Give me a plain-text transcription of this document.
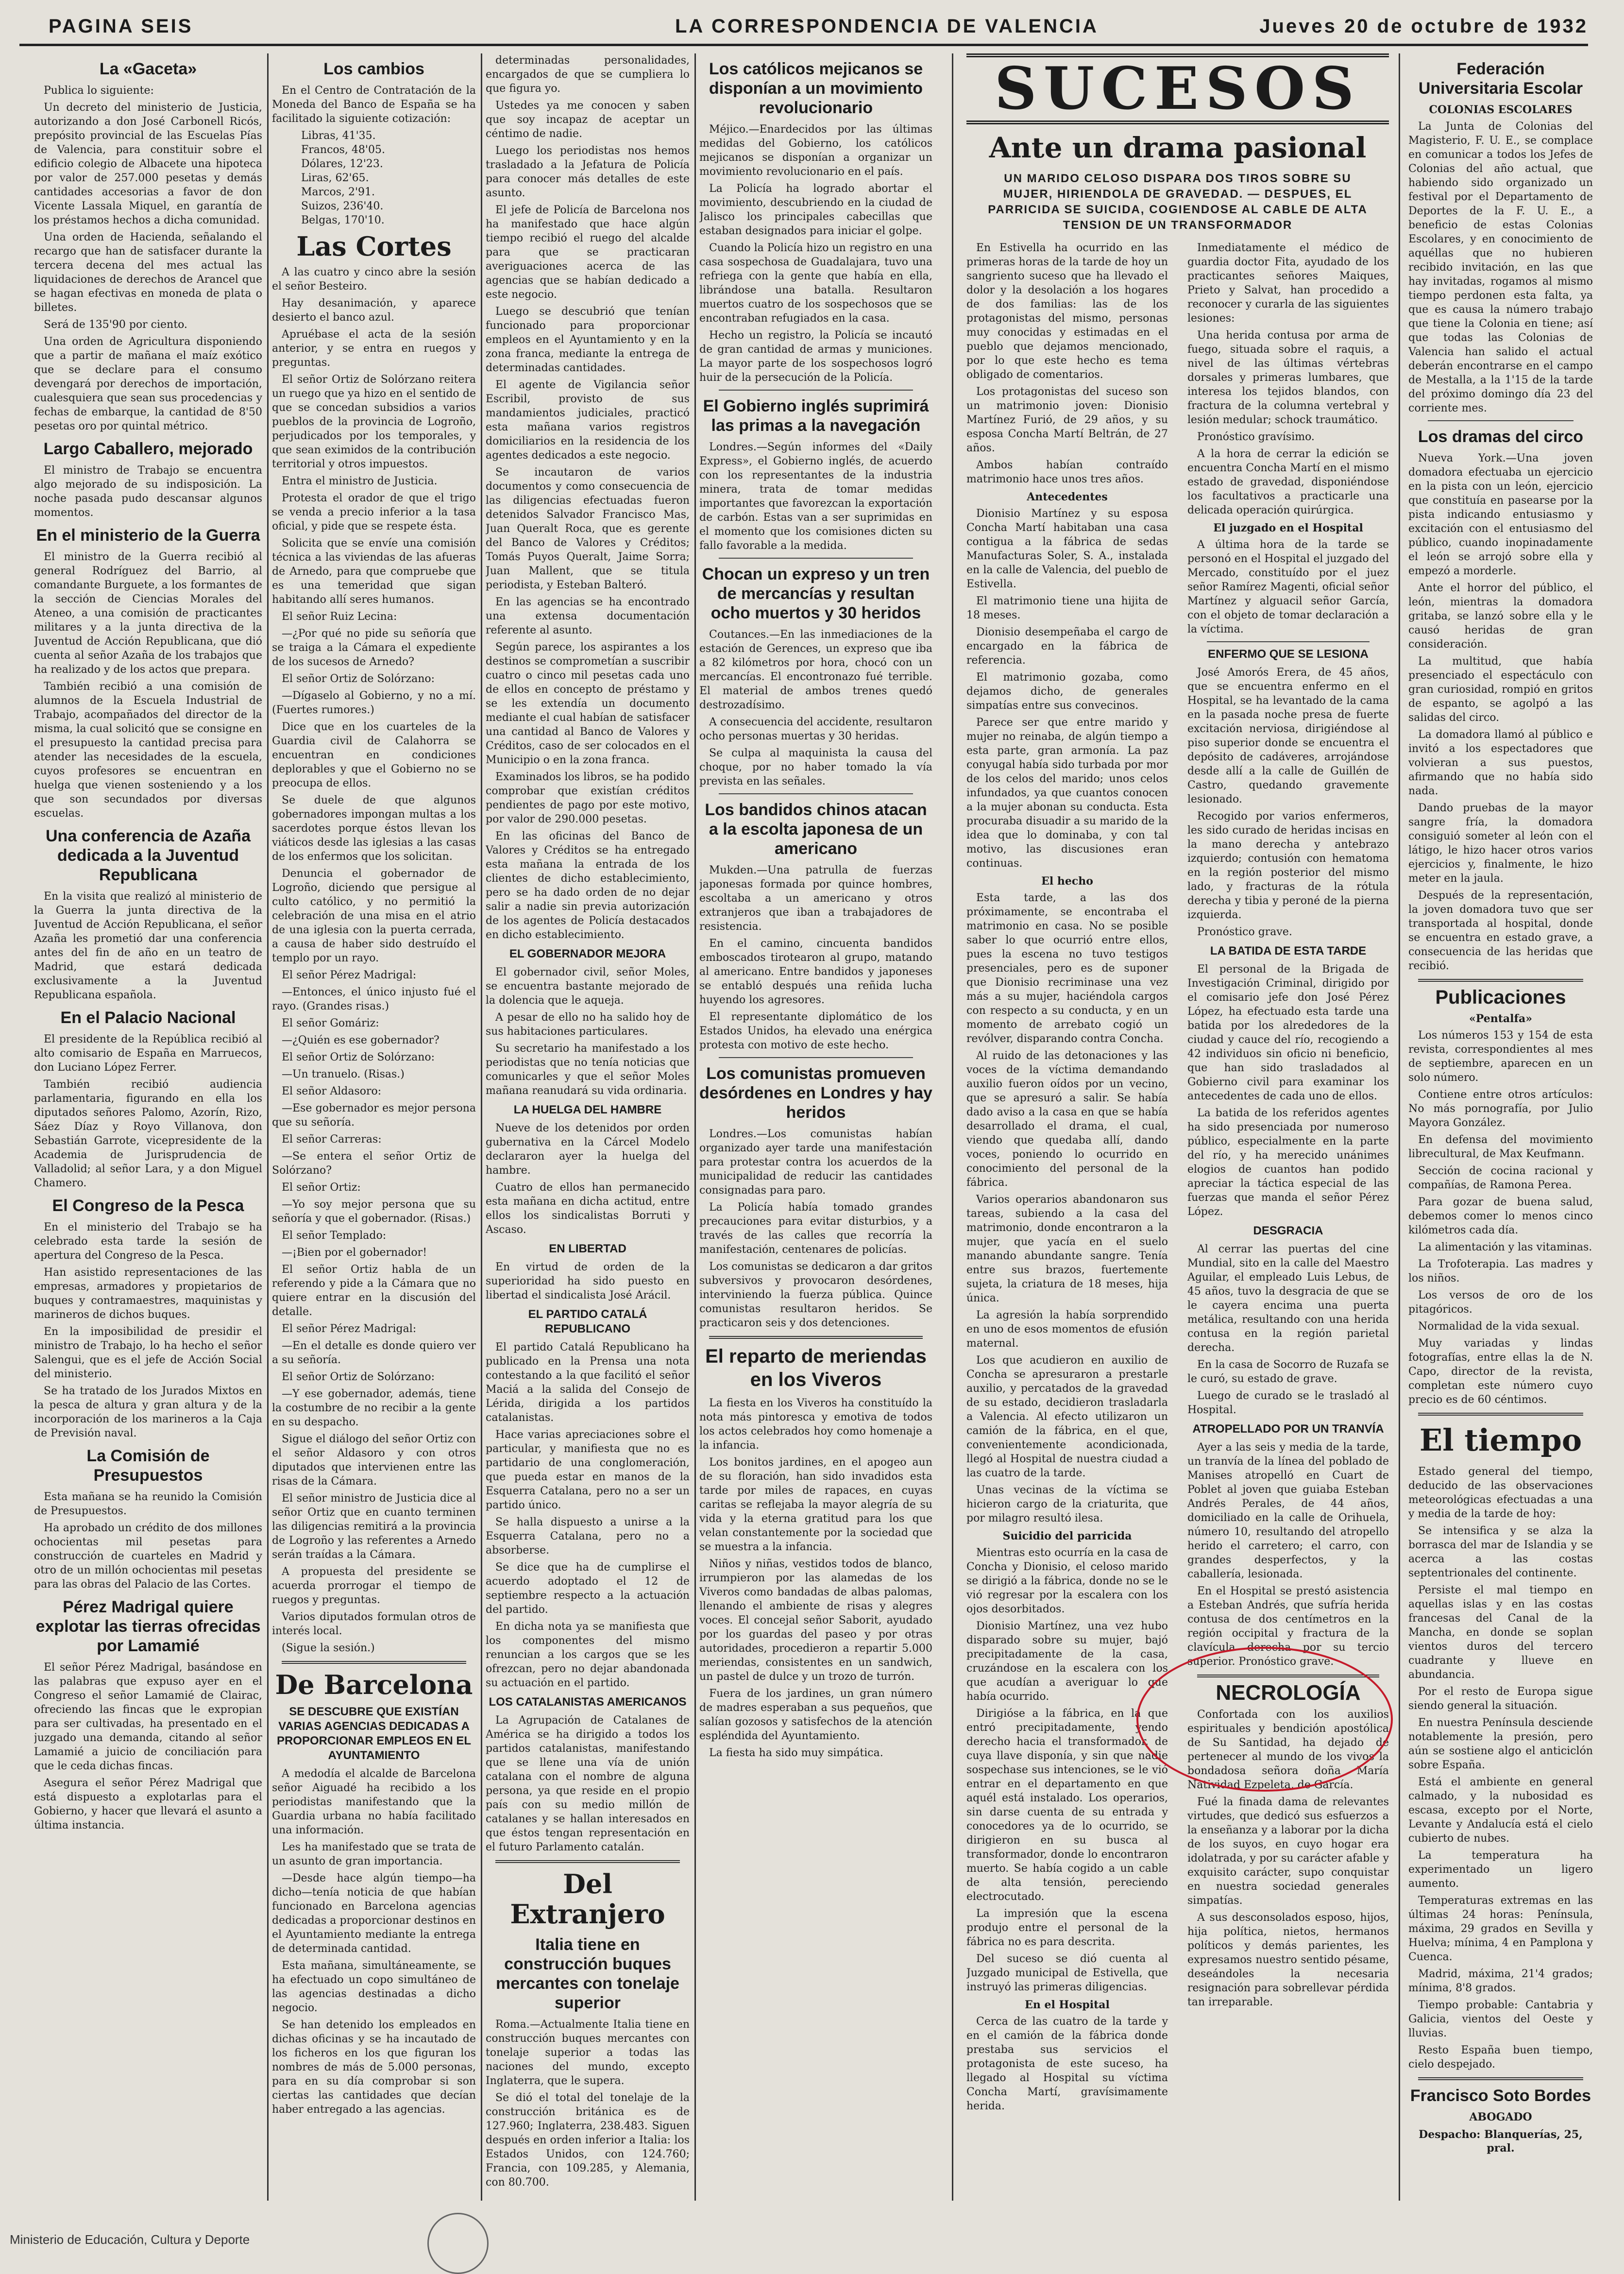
PAGINA SEIS	LA CORRESPONDENCIA DE VALENCIA	Jueves 20 de octubre de 1932
La «Gaceta»

Publica lo siguiente:

Un decreto del ministerio de Justicia, autorizando a don José Carbonell Ricós, prepósito provincial de las Escuelas Pías de Valencia, para constituir sobre el edificio colegio de Albacete una hipoteca por valor de 257.000 pesetas y demás cantidades accesorias a favor de don Vicente Lassala Miquel, en garantía de los préstamos hechos a dicha comunidad.

Una orden de Hacienda, señalando el recargo que han de satisfacer durante la tercera decena del mes actual las liquidaciones de derechos de Arancel que se hagan efectivas en moneda de plata o billetes.

Será de 135'90 por ciento.

Una orden de Agricultura disponiendo que a partir de mañana el maíz exótico que se declare para el consumo devengará por derechos de importación, cualesquiera que sean sus procedencias y fechas de embarque, la cantidad de 8'50 pesetas oro por quintal métrico.

Largo Caballero, mejorado

El ministro de Trabajo se encuentra algo mejorado de su indisposición. La noche pasada pudo descansar algunos momentos.

En el ministerio de la Guerra

El ministro de la Guerra recibió al general Rodríguez del Barrio, al comandante Burguete, a los formantes de la sección de Ciencias Morales del Ateneo, a una comisión de practicantes militares y a la junta directiva de la Juventud de Acción Republicana, que dió cuenta al señor Azaña de los trabajos que ha realizado y de los actos que prepara.

También recibió a una comisión de alumnos de la Escuela Industrial de Trabajo, acompañados del director de la misma, la cual solicitó que se consigne en el presupuesto la cantidad precisa para atender las necesidades de la escuela, cuyos profesores se encuentran en huelga que vienen sosteniendo y a los que son secundados por diversas escuelas.

Una conferencia de Azaña dedicada a la Juventud Republicana

En la visita que realizó al ministerio de la Guerra la junta directiva de la Juventud de Acción Republicana, el señor Azaña les prometió dar una conferencia antes del fin de año en un teatro de Madrid, que estará dedicada exclusivamente a la Juventud Republicana española.

En el Palacio Nacional

El presidente de la República recibió al alto comisario de España en Marruecos, don Luciano López Ferrer.

También recibió audiencia parlamentaria, figurando en ella los diputados señores Palomo, Azorín, Rizo, Sáez Díaz y Royo Villanova, don Sebastián Garrote, vicepresidente de la Academia de Jurisprudencia de Valladolid; al señor Lara, y a don Miguel Chamero.

El Congreso de la Pesca

En el ministerio del Trabajo se ha celebrado esta tarde la sesión de apertura del Congreso de la Pesca.

Han asistido representaciones de las empresas, armadores y propietarios de buques y contramaestres, maquinistas y marineros de dichos buques.

En la imposibilidad de presidir el ministro de Trabajo, lo ha hecho el señor Salengui, que es el jefe de Acción Social del ministerio.

Se ha tratado de los Jurados Mixtos en la pesca de altura y gran altura y de la incorporación de los marineros a la Caja de Previsión naval.

La Comisión de Presupuestos

Esta mañana se ha reunido la Comisión de Presupuestos.

Ha aprobado un crédito de dos millones ochocientas mil pesetas para construcción de cuarteles en Madrid y otro de un millón ochocientas mil pesetas para las obras del Palacio de las Cortes.

Pérez Madrigal quiere explotar las tierras ofrecidas por Lamamié

El señor Pérez Madrigal, basándose en las palabras que expuso ayer en el Congreso el señor Lamamié de Clairac, ofreciendo las fincas que le expropian para ser cultivadas, ha presentado en el juzgado una demanda, citando al señor Lamamié a juicio de conciliación para que le ceda dichas fincas.

Asegura el señor Pérez Madrigal que está dispuesto a explotarlas para el Gobierno, y hacer que llevará el asunto a última instancia.

Los cambios

En el Centro de Contratación de la Moneda del Banco de España se ha facilitado la siguiente cotización:

Libras, 41'35.
Francos, 48'05.
Dólares, 12'23.
Liras, 62'65.
Marcos, 2'91.
Suizos, 236'40.
Belgas, 170'10.
Las Cortes

A las cuatro y cinco abre la sesión el señor Besteiro.

Hay desanimación, y aparece desierto el banco azul.

Apruébase el acta de la sesión anterior, y se entra en ruegos y preguntas.

El señor Ortiz de Solórzano reitera un ruego que ya hizo en el sentido de que se concedan subsidios a varios pueblos de la provincia de Logroño, perjudicados por los temporales, y que sean eximidos de la contribución territorial y otros impuestos.

Entra el ministro de Justicia.

Protesta el orador de que el trigo se venda a precio inferior a la tasa oficial, y pide que se respete ésta.

Solicita que se envíe una comisión técnica a las viviendas de las afueras de Arnedo, para que compruebe que es una temeridad que sigan habitando allí seres humanos.

El señor Ruiz Lecina:

—¿Por qué no pide su señoría que se traiga a la Cámara el expediente de los sucesos de Arnedo?

El señor Ortiz de Solórzano:

—Dígaselo al Gobierno, y no a mí. (Fuertes rumores.)

Dice que en los cuarteles de la Guardia civil de Calahorra se encuentran en condiciones deplorables y que el Gobierno no se preocupa de ellos.

Se duele de que algunos gobernadores impongan multas a los sacerdotes porque éstos llevan los viáticos desde las iglesias a las casas de los enfermos que los solicitan.

Denuncia el gobernador de Logroño, diciendo que persigue al culto católico, y no permitió la celebración de una misa en el atrio de una iglesia con la puerta cerrada, a causa de haber sido destruído el templo por un rayo.

El señor Pérez Madrigal:

—Entonces, el único injusto fué el rayo. (Grandes risas.)

El señor Gomáriz:

—¿Quién es ese gobernador?

El señor Ortiz de Solórzano:

—Un tranuelo. (Risas.)

El señor Aldasoro:

—Ese gobernador es mejor persona que su señoría.

El señor Carreras:

—Se entera el señor Ortiz de Solórzano?

El señor Ortiz:

—Yo soy mejor persona que su señoría y que el gobernador. (Risas.)

El señor Templado:

—¡Bien por el gobernador!

El señor Ortiz habla de un referendo y pide a la Cámara que no quiere entrar en la discusión del detalle.

El señor Pérez Madrigal:

—En el detalle es donde quiero ver a su señoría.

El señor Ortiz de Solórzano:

—Y ese gobernador, además, tiene la costumbre de no recibir a la gente en su despacho.

Sigue el diálogo del señor Ortiz con el señor Aldasoro y con otros diputados que intervienen entre las risas de la Cámara.

El señor ministro de Justicia dice al señor Ortiz que en cuanto terminen las diligencias remitirá a la provincia de Logroño y las referentes a Arnedo serán traídas a la Cámara.

A propuesta del presidente se acuerda prorrogar el tiempo de ruegos y preguntas.

Varios diputados formulan otros de interés local.

(Sigue la sesión.)

De Barcelona
SE DESCUBRE QUE EXISTÍAN VARIAS AGENCIAS DEDICADAS A PROPORCIONAR EMPLEOS EN EL AYUNTAMIENTO

A medodía el alcalde de Barcelona señor Aiguadé ha recibido a los periodistas manifestando que la Guardia urbana no había facilitado una información.

Les ha manifestado que se trata de un asunto de gran importancia.

—Desde hace algún tiempo—ha dicho—tenía noticia de que habían funcionado en Barcelona agencias dedicadas a proporcionar destinos en el Ayuntamiento mediante la entrega de determinada cantidad.

Esta mañana, simultáneamente, se ha efectuado un copo simultáneo de las agencias destinadas a dicho negocio.

Se han detenido los empleados en dichas oficinas y se ha incautado de los ficheros en los que figuran los nombres de más de 5.000 personas, para en su día comprobar si son ciertas las cantidades que decían haber entregado a las agencias.

determinadas personalidades, encargados de que se cumpliera lo que figura yo.

Ustedes ya me conocen y saben que soy incapaz de aceptar un céntimo de nadie.

Luego los periodistas nos hemos trasladado a la Jefatura de Policía para conocer más detalles de este asunto.

El jefe de Policía de Barcelona nos ha manifestado que hace algún tiempo recibió el ruego del alcalde para que se practicaran averiguaciones acerca de las agencias que se habían dedicado a este negocio.

Luego se descubrió que tenían funcionado para proporcionar empleos en el Ayuntamiento y en la zona franca, mediante la entrega de determinadas cantidades.

El agente de Vigilancia señor Escribil, provisto de sus mandamientos judiciales, practicó esta mañana varios registros domiciliarios en la residencia de los agentes dedicados a este negocio.

Se incautaron de varios documentos y como consecuencia de las diligencias efectuadas fueron detenidos Salvador Francisco Mas, Juan Queralt Roca, que es gerente del Banco de Valores y Créditos; Tomás Puyos Queralt, Jaime Sorra; Juan Mallent, que se titula periodista, y Esteban Balteró.

En las agencias se ha encontrado una extensa documentación referente al asunto.

Según parece, los aspirantes a los destinos se comprometían a suscribir cuatro o cinco mil pesetas cada uno de ellos en concepto de préstamo y se les extendía un documento mediante el cual habían de satisfacer una cantidad al Banco de Valores y Créditos, caso de ser colocados en el Municipio o en la zona franca.

Examinados los libros, se ha podido comprobar que existían créditos pendientes de pago por este motivo, por valor de 290.000 pesetas.

En las oficinas del Banco de Valores y Créditos se ha entregado esta mañana la entrada de los clientes de dicho establecimiento, pero se ha dado orden de no dejar salir a nadie sin previa autorización de los agentes de Policía destacados en dicho establecimiento.

EL GOBERNADOR MEJORA

El gobernador civil, señor Moles, se encuentra bastante mejorado de la dolencia que le aqueja.

A pesar de ello no ha salido hoy de sus habitaciones particulares.

Su secretario ha manifestado a los periodistas que no tenía noticias que comunicarles y que el señor Moles mañana reanudará su vida ordinaria.

LA HUELGA DEL HAMBRE

Nueve de los detenidos por orden gubernativa en la Cárcel Modelo declararon ayer la huelga del hambre.

Cuatro de ellos han permanecido esta mañana en dicha actitud, entre ellos los sindicalistas Borruti y Ascaso.

EN LIBERTAD

En virtud de orden de la superioridad ha sido puesto en libertad el sindicalista José Arácil.

EL PARTIDO CATALÁ REPUBLICANO

El partido Catalá Republicano ha publicado en la Prensa una nota contestando a la que facilitó el señor Maciá a la salida del Consejo de Lérida, dirigida a los partidos catalanistas.

Hace varias apreciaciones sobre el particular, y manifiesta que no es partidario de una conglomeración, que pueda estar en manos de la Esquerra Catalana, pero no a ser un partido único.

Se halla dispuesto a unirse a la Esquerra Catalana, pero no a absorberse.

Se dice que ha de cumplirse el acuerdo adoptado el 12 de septiembre respecto a la actuación del partido.

En dicha nota ya se manifiesta que los componentes del mismo renuncian a los cargos que se les ofrezcan, pero no dejar abandonada su actuación en el partido.

LOS CATALANISTAS AMERICANOS

La Agrupación de Catalanes de América se ha dirigido a todos los partidos catalanistas, manifestando que se llene una vía de unión catalana con el nombre de alguna persona, ya que reside en el propio país con su medio millón de catalanes y se hallan interesados en que éstos tengan representación en el futuro Parlamento catalán.

Del Extranjero
Italia tiene en construcción buques mercantes con tonelaje superior

Roma.—Actualmente Italia tiene en construcción buques mercantes con tonelaje superior a todas las naciones del mundo, excepto Inglaterra, que le supera.

Se dió el total del tonelaje de la construcción británica es de 127.960; Inglaterra, 238.483. Siguen después en orden inferior a Italia: los Estados Unidos, con 124.760; Francia, con 109.285, y Alemania, con 80.700.

Los católicos mejicanos se disponían a un movimiento revolucionario

Méjico.—Enardecidos por las últimas medidas del Gobierno, los católicos mejicanos se disponían a organizar un movimiento revolucionario en el país.

La Policía ha logrado abortar el movimiento, descubriendo en la ciudad de Jalisco los principales cabecillas que estaban designados para iniciar el golpe.

Cuando la Policía hizo un registro en una casa sospechosa de Guadalajara, tuvo una refriega con la gente que había en ella, librándose una batalla. Resultaron muertos cuatro de los sospechosos que se encontraban refugiados en la casa.

Hecho un registro, la Policía se incautó de gran cantidad de armas y municiones. La mayor parte de los sospechosos logró huir de la persecución de la Policía.

El Gobierno inglés suprimirá las primas a la navegación

Londres.—Según informes del «Daily Express», el Gobierno inglés, de acuerdo con los representantes de la industria minera, trata de tomar medidas importantes que favorezcan la exportación de carbón. Estas van a ser suprimidas en el momento que los comisiones dicten su fallo favorable a la medida.

Chocan un expreso y un tren de mercancías y resultan ocho muertos y 30 heridos

Coutances.—En las inmediaciones de la estación de Gerences, un expreso que iba a 82 kilómetros por hora, chocó con un mercancías. El encontronazo fué terrible. El material de ambos trenes quedó destrozadísimo.

A consecuencia del accidente, resultaron ocho personas muertas y 30 heridas.

Se culpa al maquinista la causa del choque, por no haber tomado la vía prevista en las señales.

Los bandidos chinos atacan a la escolta japonesa de un americano

Mukden.—Una patrulla de fuerzas japonesas formada por quince hombres, escoltaba a un americano y otros extranjeros que iban a trabajadores de resistencia.

En el camino, cincuenta bandidos emboscados tirotearon al grupo, matando al americano. Entre bandidos y japoneses se entabló después una reñida lucha huyendo los agresores.

El representante diplomático de los Estados Unidos, ha elevado una enérgica protesta con motivo de este hecho.

Los comunistas promueven desórdenes en Londres y hay heridos

Londres.—Los comunistas habían organizado ayer tarde una manifestación para protestar contra los acuerdos de la municipalidad de reducir las cantidades consignadas para paro.

La Policía había tomado grandes precauciones para evitar disturbios, y a través de las calles que recorría la manifestación, centenares de policías.

Los comunistas se dedicaron a dar gritos subversivos y provocaron desórdenes, interviniendo la fuerza pública. Quince comunistas resultaron heridos. Se practicaron seis y dos detenciones.

El reparto de meriendas en los Viveros

La fiesta en los Viveros ha constituído la nota más pintoresca y emotiva de todos los actos celebrados hoy como homenaje a la infancia.

Los bonitos jardines, en el apogeo aun de su floración, han sido invadidos esta tarde por miles de rapaces, en cuyas caritas se reflejaba la mayor alegría de su vida y la eterna gratitud para los que velan constantemente por la sociedad que se muestra a la infancia.

Niños y niñas, vestidos todos de blanco, irrumpieron por las alamedas de los Viveros como bandadas de albas palomas, llenando el ambiente de risas y alegres voces. El concejal señor Saborit, ayudado por los guardas del paseo y por otras autoridades, procedieron a repartir 5.000 meriendas, consistentes en un sandwich, un pastel de dulce y un trozo de turrón.

Fuera de los jardines, un gran número de madres esperaban a sus pequeños, que salían gozosos y satisfechos de la atención espléndida del Ayuntamiento.

La fiesta ha sido muy simpática.

SUCESOS
Ante un drama pasional
UN MARIDO CELOSO DISPARA DOS TIROS SOBRE SU MUJER, HIRIENDOLA DE GRAVEDAD. — DESPUES, EL PARRICIDA SE SUICIDA, COGIENDOSE AL CABLE DE ALTA TENSION DE UN TRANSFORMADOR

En Estivella ha ocurrido en las primeras horas de la tarde de hoy un sangriento suceso que ha llevado el dolor y la desolación a los hogares de dos familias: las de los protagonistas del mismo, personas muy conocidas y estimadas en el pueblo que dejamos mencionado, por lo que este hecho es tema obligado de comentarios.

Los protagonistas del suceso son un matrimonio joven: Dionisio Martínez Furió, de 29 años, y su esposa Concha Martí Beltrán, de 27 años.

Ambos habían contraído matrimonio hace unos tres años.

Antecedentes

Dionisio Martínez y su esposa Concha Martí habitaban una casa contigua a la fábrica de sedas Manufacturas Soler, S. A., instalada en la calle de Valencia, del pueblo de Estivella.

El matrimonio tiene una hijita de 18 meses.

Dionisio desempeñaba el cargo de encargado en la fábrica de referencia.

El matrimonio gozaba, como dejamos dicho, de generales simpatías entre sus convecinos.

Parece ser que entre marido y mujer no reinaba, de algún tiempo a esta parte, gran armonía. La paz conyugal había sido turbada por mor de los celos del marido; unos celos infundados, ya que cuantos conocen a la mujer abonan su conducta. Esta procuraba disuadir a su marido de la idea que lo dominaba, y con tal motivo, las discusiones eran continuas.

El hecho

Esta tarde, a las dos próximamente, se encontraba el matrimonio en casa. No se posible saber lo que ocurrió entre ellos, pues la escena no tuvo testigos presenciales, pero es de suponer que Dionisio recriminase una vez más a su mujer, haciéndola cargos con respecto a su conducta, y en un momento de arrebato cogió un revólver, disparando contra Concha.

Al ruido de las detonaciones y las voces de la víctima demandando auxilio fueron oídos por un vecino, que se apresuró a salir. Se había dado aviso a la casa en que se había desarrollado el drama, el cual, viendo que quedaba allí, dando voces, poniendo lo ocurrido en conocimiento del personal de la fábrica.

Varios operarios abandonaron sus tareas, subiendo a la casa del matrimonio, donde encontraron a la mujer, que yacía en el suelo manando abundante sangre. Tenía entre sus brazos, fuertemente sujeta, la criatura de 18 meses, hija única.

La agresión la había sorprendido en uno de esos momentos de efusión maternal.

Los que acudieron en auxilio de Concha se apresuraron a prestarle auxilio, y percatados de la gravedad de su estado, decidieron trasladarla a Valencia. Al efecto utilizaron un camión de la fábrica, en el que, convenientemente acondicionada, llegó al Hospital de nuestra ciudad a las cuatro de la tarde.

Unas vecinas de la víctima se hicieron cargo de la criaturita, que por milagro resultó ilesa.

Suicidio del parricida

Mientras esto ocurría en la casa de Concha y Dionisio, el celoso marido se dirigió a la fábrica, donde no se le vió regresar por la escalera con los ojos desorbitados.

Dionisio Martínez, una vez hubo disparado sobre su mujer, bajó precipitadamente de la casa, cruzándose en la escalera con los que acudían a averiguar lo que había ocurrido.

Dirigióse a la fábrica, en la que entró precipitadamente, yendo derecho hacia el transformador, de cuya llave disponía, y sin que nadie sospechase sus intenciones, se le vió entrar en el departamento en que aquél está instalado. Los operarios, sin darse cuenta de su entrada y conocedores ya de lo ocurrido, se dirigieron en su busca al transformador, donde lo encontraron muerto. Se había cogido a un cable de alta tensión, pereciendo electrocutado.

La impresión que la escena produjo entre el personal de la fábrica no es para descrita.

Del suceso se dió cuenta al Juzgado municipal de Estivella, que instruyó las primeras diligencias.

En el Hospital

Cerca de las cuatro de la tarde y en el camión de la fábrica donde prestaba sus servicios el protagonista de este suceso, ha llegado al Hospital su víctima Concha Martí, gravísimamente herida.

Inmediatamente el médico de guardia doctor Fita, ayudado de los practicantes señores Maiques, Prieto y Salvat, han procedido a reconocer y curarla de las siguientes lesiones:

Una herida contusa por arma de fuego, situada sobre el raquis, a nivel de las últimas vértebras dorsales y primeras lumbares, que interesa los tejidos blandos, con fractura de la columna vertebral y lesión medular; schock traumático.

Pronóstico gravísimo.

A la hora de cerrar la edición se encuentra Concha Martí en el mismo estado de gravedad, disponiéndose los facultativos a practicarle una delicada operación quirúrgica.

El juzgado en el Hospital

A última hora de la tarde se personó en el Hospital el juzgado del Mercado, constituído por el juez señor Ramírez Magenti, oficial señor Martínez y alguacil señor García, con el objeto de tomar declaración a la víctima.

ENFERMO QUE SE LESIONA

José Amorós Erera, de 45 años, que se encuentra enfermo en el Hospital, se ha levantado de la cama en la pasada noche presa de fuerte excitación nerviosa, dirigiéndose al piso superior donde se encuentra el depósito de cadáveres, arrojándose desde allí a la calle de Guillén de Castro, quedando gravemente lesionado.

Recogido por varios enfermeros, les sido curado de heridas incisas en la mano derecha y antebrazo izquierdo; contusión con hematoma en la región posterior del mismo lado, y fracturas de la rótula derecha y tibia y peroné de la pierna izquierda.

Pronóstico grave.

LA BATIDA DE ESTA TARDE

El personal de la Brigada de Investigación Criminal, dirigido por el comisario jefe don José Pérez López, ha efectuado esta tarde una batida por los alrededores de la ciudad y cauce del río, recogiendo a 42 individuos sin oficio ni beneficio, que han sido trasladados al Gobierno civil para examinar los antecedentes de cada uno de ellos.

La batida de los referidos agentes ha sido presenciada por numeroso público, especialmente en la parte del río, y ha merecido unánimes elogios de cuantos han podido apreciar la táctica especial de las fuerzas que manda el señor Pérez López.

DESGRACIA

Al cerrar las puertas del cine Mundial, sito en la calle del Maestro Aguilar, el empleado Luis Lebus, de 45 años, tuvo la desgracia de que se le cayera encima una puerta metálica, resultando con una herida contusa en la región parietal derecha.

En la casa de Socorro de Ruzafa se le curó, su estado de grave.

Luego de curado se le trasladó al Hospital.

ATROPELLADO POR UN TRANVÍA

Ayer a las seis y media de la tarde, un tranvía de la línea del poblado de Manises atropelló en Cuart de Poblet al joven que guiaba Esteban Andrés Perales, de 44 años, domiciliado en la calle de Orihuela, número 10, resultando del atropello herido el carretero; el carro, con grandes desperfectos, y la caballería, lesionada.

En el Hospital se prestó asistencia a Esteban Andrés, que sufría herida contusa de dos centímetros en la región occipital y fractura de la clavícula derecha por su tercio superior. Pronóstico grave.

NECROLOGÍA

Confortada con los auxilios espirituales y bendición apostólica de Su Santidad, ha dejado de pertenecer al mundo de los vivos la bondadosa señora doña María Natividad Ezpeleta, de García.

Fué la finada dama de relevantes virtudes, que dedicó sus esfuerzos a la enseñanza y a laborar por la dicha de los suyos, en cuyo hogar era idolatrada, y por su carácter afable y exquisito carácter, supo conquistar en nuestra sociedad generales simpatías.

A sus desconsolados esposo, hijos, hija política, nietos, hermanos políticos y demás parientes, les expresamos nuestro sentido pésame, deseándoles la necesaria resignación para sobrellevar pérdida tan irreparable.

Federación Universitaria Escolar
COLONIAS ESCOLARES

La Junta de Colonias del Magisterio, F. U. E., se complace en comunicar a todos los Jefes de Colonias del año actual, que habiendo sido organizado un festival por el Departamento de Deportes de la F. U. E., a beneficio de estas Colonias Escolares, y en conocimiento de aquéllas que no hubieren recibido invitación, en las que hay invitadas, rogamos al mismo tiempo perdonen esta falta, ya que es causa la número trabajo que tiene la Colonia en tiene; así que todas las Colonias de Valencia han salido el actual deberán encontrarse en el campo de Mestalla, a la 1'15 de la tarde del próximo domingo día 23 del corriente mes.

Los dramas del circo

Nueva York.—Una joven domadora efectuaba un ejercicio en la pista con un león, ejercicio que constituía en pasearse por la pista indicando entusiasmo y excitación con el entusiasmo del público, cuando inopinadamente el león se arrojó sobre ella y empezó a morderle.

Ante el horror del público, el león, mientras la domadora gritaba, se lanzó sobre ella y le causó heridas de gran consideración.

La multitud, que había presenciado el espectáculo con gran curiosidad, rompió en gritos de espanto, se agolpó a las salidas del circo.

La domadora llamó al público e invitó a los espectadores que volvieran a sus puestos, afirmando que no había sido nada.

Dando pruebas de la mayor sangre fría, la domadora consiguió someter al león con el látigo, le hizo hacer otros varios ejercicios y, finalmente, le hizo meter en la jaula.

Después de la representación, la joven domadora tuvo que ser transportada al hospital, donde se encuentra en estado grave, a consecuencia de las heridas que recibió.

Publicaciones
«Pentalfa»

Los números 153 y 154 de esta revista, correspondientes al mes de septiembre, aparecen en un solo número.

Contiene entre otros artículos: No más pornografía, por Julio Mayora González.

En defensa del movimiento librecultural, de Max Keufmann.

Sección de cocina racional y compañías, de Ramona Perea.

Para gozar de buena salud, debemos comer lo menos cinco kilómetros cada día.

La alimentación y las vitaminas.

La Trofoterapia. Las madres y los niños.

Los versos de oro de los pitagóricos.

Normalidad de la vida sexual.

Muy variadas y lindas fotografías, entre ellas la de N. Capo, director de la revista, completan este número cuyo precio es de 60 céntimos.

El tiempo

Estado general del tiempo, deducido de las observaciones meteorológicas efectuadas a una y media de la tarde de hoy:

Se intensifica y se alza la borrasca del mar de Islandia y se acerca a las costas septentrionales del continente.

Persiste el mal tiempo en aquellas islas y en las costas francesas del Canal de la Mancha, en donde se soplan vientos duros del tercero cuadrante y llueve en abundancia.

Por el resto de Europa sigue siendo general la situación.

En nuestra Península desciende notablemente la presión, pero aún se sostiene algo el anticiclón sobre España.

Está el ambiente en general calmado, y la nubosidad es escasa, excepto por el Norte, Levante y Andalucía está el cielo cubierto de nubes.

La temperatura ha experimentado un ligero aumento.

Temperaturas extremas en las últimas 24 horas: Península, máxima, 29 grados en Sevilla y Huelva; mínima, 4 en Pamplona y Cuenca.

Madrid, máxima, 21'4 grados; mínima, 8'8 grados.

Tiempo probable: Cantabria y Galicia, vientos del Oeste y lluvias.

Resto España buen tiempo, cielo despejado.

Francisco Soto Bordes
ABOGADO
Despacho: Blanquerías, 25, pral.
Ministerio de Educación, Cultura y Deporte
